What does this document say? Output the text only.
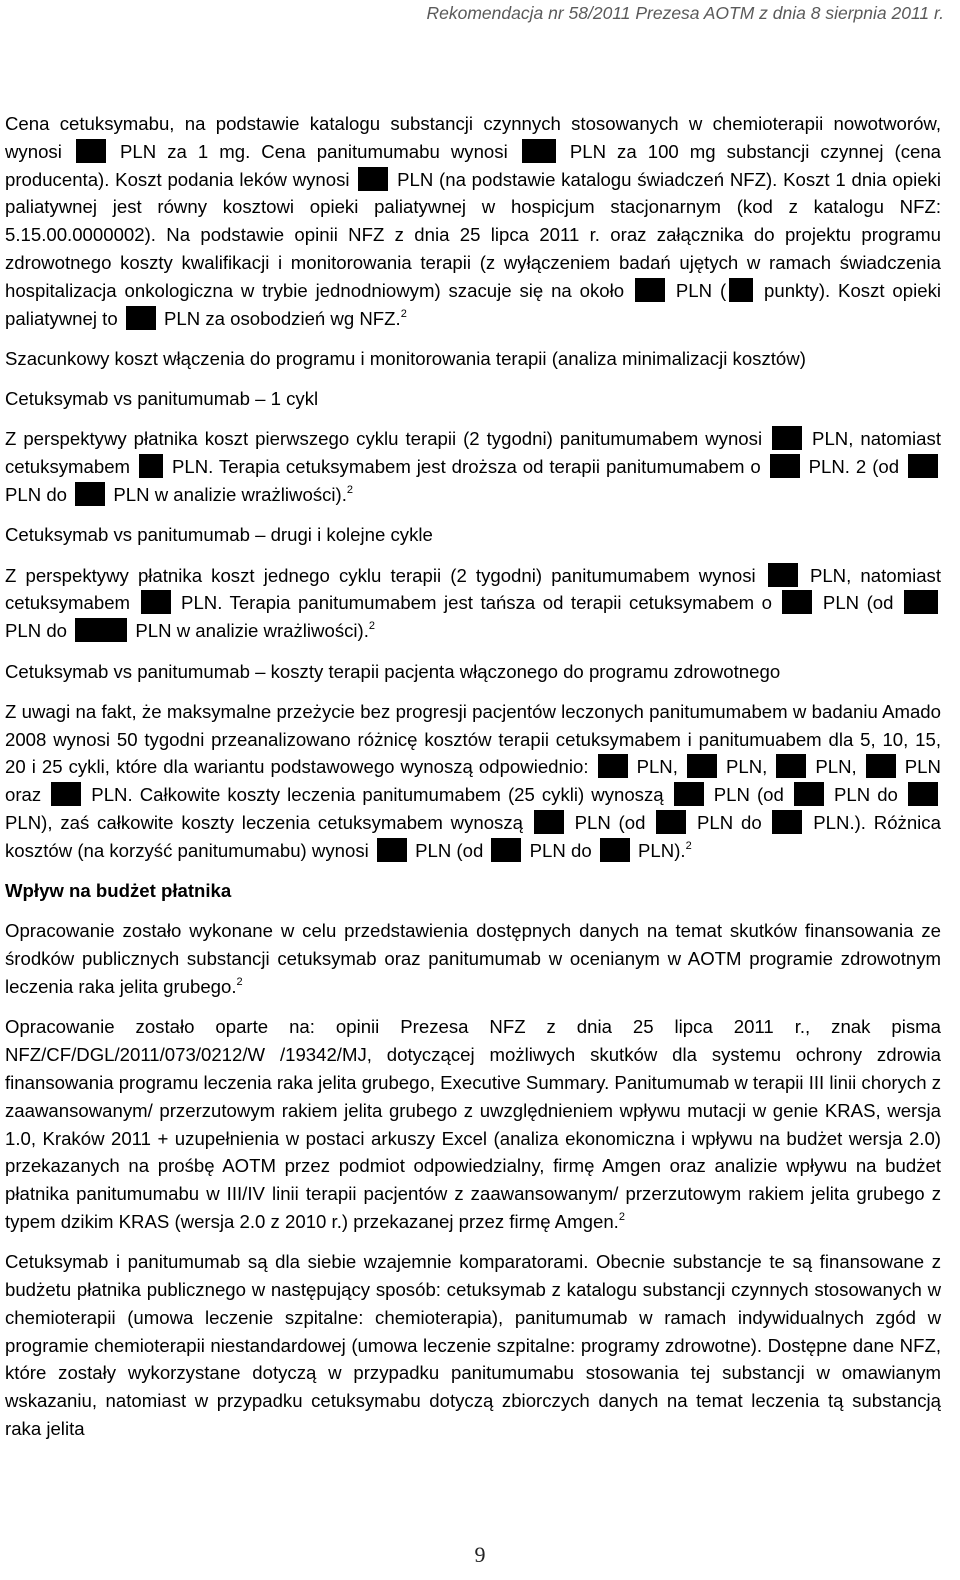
Rekomendacja nr 58/2011 Prezesa AOTM z dnia 8 sierpnia 2011 r.

Cena cetuksymabu, na podstawie katalogu substancji czynnych stosowanych w chemioterapii nowotworów, wynosi	PLN za 1 mg. Cena panitumumabu wynosi	PLN za 100 mg substancji czynnej (cena producenta). Koszt podania leków wynosi	PLN (na podstawie katalogu świadczeń NFZ). Koszt 1 dnia opieki paliatywnej jest równy kosztowi opieki paliatywnej w hospicjum stacjonarnym (kod z katalogu NFZ: 5.15.00.0000002). Na podstawie opinii NFZ z dnia 25 lipca 2011 r. oraz załącznika do projektu programu zdrowotnego koszty kwalifikacji i monitorowania terapii (z wyłączeniem badań ujętych w ramach świadczenia hospitalizacja onkologiczna w trybie jednodniowym) szacuje się na około	PLN ( punkty). Koszt opieki paliatywnej to PLN za osobodzień wg NFZ.$^2$

Szacunkowy koszt włączenia do programu i monitorowania terapii (analiza minimalizacji kosztów)

Cetuksymab vs panitumumab – 1 cykl

Z perspektywy płatnika koszt pierwszego cyklu terapii (2 tygodni) panitumumabem wynosi	PLN, natomiast cetuksymabem PLN. Terapia cetuksymabem jest droższa od terapii panitumumabem o	PLN. 2 (od  PLN do PLN w analizie wrażliwości).$^2$

Cetuksymab vs panitumumab – drugi i kolejne cykle

Z perspektywy płatnika koszt jednego cyklu terapii (2 tygodni) panitumumabem wynosi	PLN, natomiast cetuksymabem	PLN. Terapia panitumumabem jest tańsza od terapii cetuksymabem o	PLN (od  PLN do	PLN w analizie wrażliwości).$^2$

Cetuksymab vs panitumumab – koszty terapii pacjenta włączonego do programu zdrowotnego

Z uwagi na fakt, że maksymalne przeżycie bez progresji pacjentów leczonych panitumumabem w badaniu Amado 2008 wynosi 50 tygodni przeanalizowano różnicę kosztów terapii cetuksymabem i panitumuabem dla 5, 10, 15, 20 i 25 cykli, które dla wariantu podstawowego wynoszą odpowiednio:	PLN,	PLN,	PLN,	PLN oraz	PLN. Całkowite koszty leczenia panitumumabem (25 cykli) wynoszą	PLN (od	PLN do  PLN), zaś całkowite koszty leczenia cetuksymabem wynoszą	PLN (od	PLN do	PLN.). Różnica kosztów (na korzyść panitumumabu) wynosi PLN (od PLN do PLN).$^2$

Wpływ na budżet płatnika

Opracowanie zostało wykonane w celu przedstawienia dostępnych danych na temat skutków finansowania ze środków publicznych substancji cetuksymab oraz panitumumab w ocenianym w AOTM programie zdrowotnym leczenia raka jelita grubego.$^2$

Opracowanie zostało oparte na: opinii Prezesa NFZ z dnia 25 lipca 2011 r., znak pisma NFZ/CF/DGL/2011/073/0212/W /19342/MJ, dotyczącej możliwych skutków dla systemu ochrony zdrowia finansowania programu leczenia raka jelita grubego, Executive Summary. Panitumumab w terapii III linii chorych z zaawansowanym/ przerzutowym rakiem jelita grubego z uwzględnieniem wpływu mutacji w genie KRAS, wersja 1.0, Kraków 2011 + uzupełnienia w postaci arkuszy Excel (analiza ekonomiczna i wpływu na budżet wersja 2.0) przekazanych na prośbę AOTM przez podmiot odpowiedzialny, firmę Amgen oraz analizie wpływu na budżet płatnika panitumumabu w III/IV linii terapii pacjentów z zaawansowanym/ przerzutowym rakiem jelita grubego z typem dzikim KRAS (wersja 2.0 z 2010 r.) przekazanej przez firmę Amgen.$^2$

Cetuksymab i panitumumab są dla siebie wzajemnie komparatorami. Obecnie substancje te są finansowane z budżetu płatnika publicznego w następujący sposób: cetuksymab z katalogu substancji czynnych stosowanych w chemioterapii (umowa leczenie szpitalne: chemioterapia), panitumumab w ramach indywidualnych zgód w programie chemioterapii niestandardowej (umowa leczenie szpitalne: programy zdrowotne). Dostępne dane NFZ, które zostały wykorzystane dotyczą w przypadku panitumumabu stosowania tej substancji w omawianym wskazaniu, natomiast w przypadku cetuksymabu dotyczą zbiorczych danych na temat leczenia tą substancją raka jelita

9
